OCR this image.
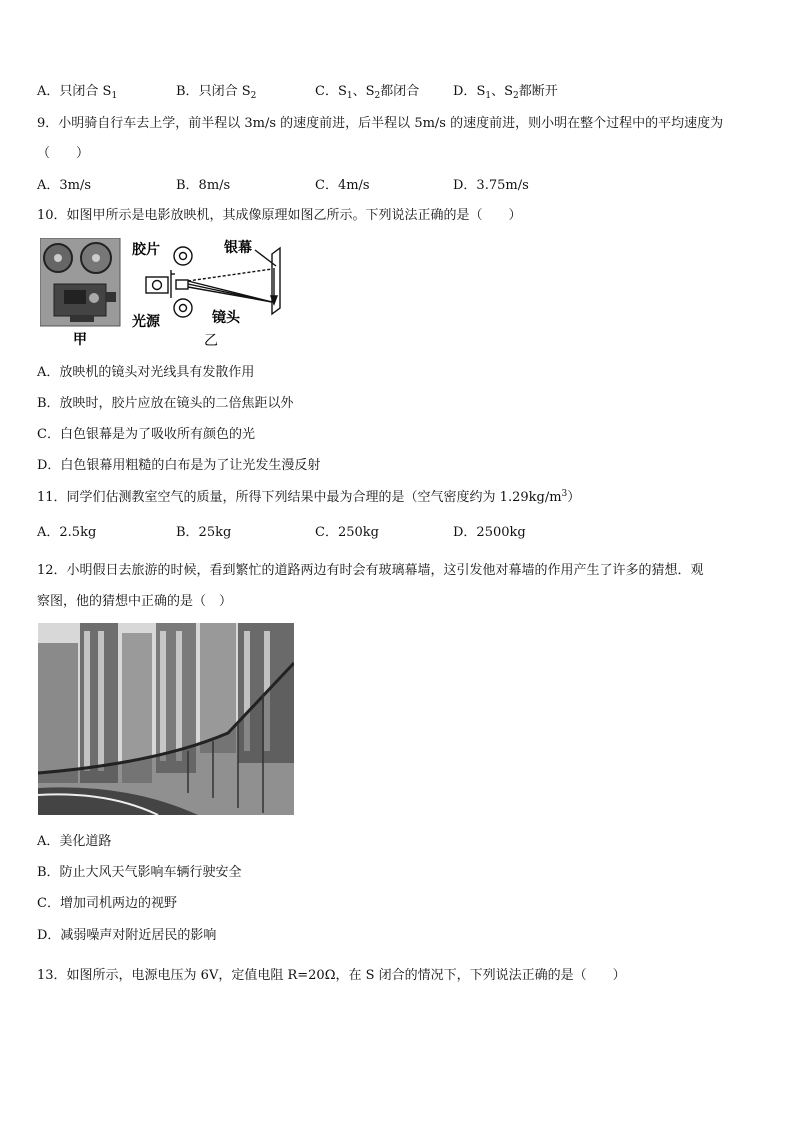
A．只闭合 $S_1$	B．只闭合 $S_2$	C．$S_1$、$S_2$都闭合	D．$S_1$、$S_2$都断开
9．小明骑自行车去上学，前半程以 3m/s 的速度前进，后半程以 5m/s 的速度前进，则小明在整个过程中的平均速度为
（　　）
A．3m/s	B．8m/s	C．4m/s	D．3.75m/s
10．如图甲所示是电影放映机，其成像原理如图乙所示。下列说法正确的是（　　）
甲
胶片	银幕
光源	镜头
乙
A．放映机的镜头对光线具有发散作用
B．放映时，胶片应放在镜头的二倍焦距以外
C．白色银幕是为了吸收所有颜色的光
D．白色银幕用粗糙的白布是为了让光发生漫反射
11．同学们估测教室空气的质量，所得下列结果中最为合理的是（空气密度约为 $1.29kg/m^3$）
A．2.5kg	B．25kg	C．250kg	D．2500kg
12．小明假日去旅游的时候，看到繁忙的道路两边有时会有玻璃幕墙，这引发他对幕墙的作用产生了许多的猜想．观
察图，他的猜想中正确的是（　）
A．美化道路
B．防止大风天气影响车辆行驶安全
C．增加司机两边的视野
D．减弱噪声对附近居民的影响
13．如图所示，电源电压为 6V，定值电阻 R=20Ω，在 S 闭合的情况下，下列说法正确的是（　　）
